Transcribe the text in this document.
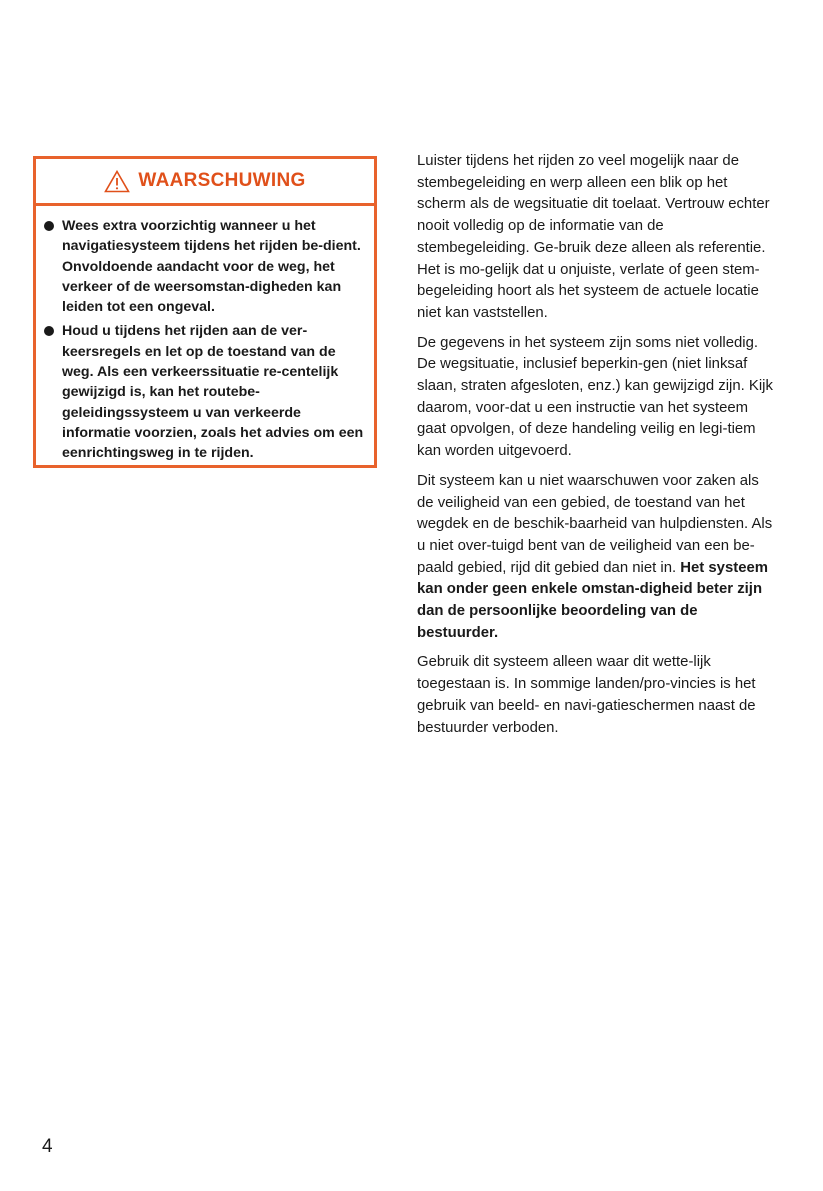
WAARSCHUWING
Wees extra voorzichtig wanneer u het navigatiesysteem tijdens het rijden be-dient. Onvoldoende aandacht voor de weg, het verkeer of de weersomstan-digheden kan leiden tot een ongeval.
Houd u tijdens het rijden aan de ver-keersregels en let op de toestand van de weg. Als een verkeerssituatie re-centelijk gewijzigd is, kan het routebe-geleidingssysteem u van verkeerde informatie voorzien, zoals het advies om een eenrichtingsweg in te rijden.

Luister tijdens het rijden zo veel mogelijk naar de stembegeleiding en werp alleen een blik op het scherm als de wegsituatie dit toelaat. Vertrouw echter nooit volledig op de informatie van de stembegeleiding. Ge-bruik deze alleen als referentie. Het is mo-gelijk dat u onjuiste, verlate of geen stem-begeleiding hoort als het systeem de actuele locatie niet kan vaststellen.

De gegevens in het systeem zijn soms niet volledig. De wegsituatie, inclusief beperkin-gen (niet linksaf slaan, straten afgesloten, enz.) kan gewijzigd zijn. Kijk daarom, voor-dat u een instructie van het systeem gaat opvolgen, of deze handeling veilig en legi-tiem kan worden uitgevoerd.

Dit systeem kan u niet waarschuwen voor zaken als de veiligheid van een gebied, de toestand van het wegdek en de beschik-baarheid van hulpdiensten. Als u niet over-tuigd bent van de veiligheid van een be-paald gebied, rijd dit gebied dan niet in. Het systeem kan onder geen enkele omstan-digheid beter zijn dan de persoonlijke beoordeling van de bestuurder.

Gebruik dit systeem alleen waar dit wette-lijk toegestaan is. In sommige landen/pro-vincies is het gebruik van beeld- en navi-gatieschermen naast de bestuurder verboden.

4
